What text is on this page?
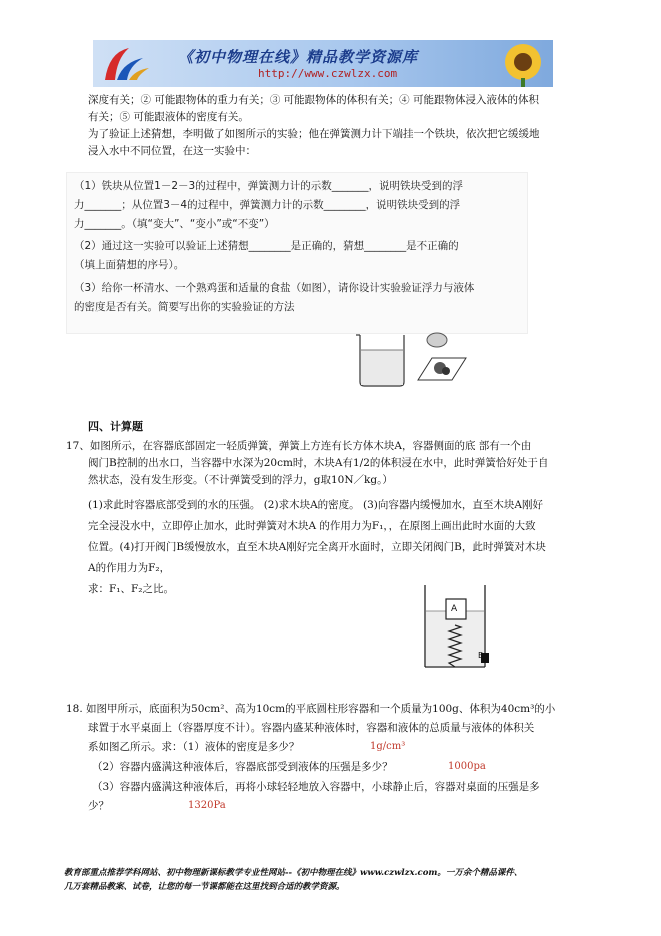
《初中物理在线》精品教学资源库
http://www.czwlzx.com
深度有关；② 可能跟物体的重力有关；③ 可能跟物体的体积有关；④ 可能跟物体浸入液体的体积
有关；⑤ 可能跟液体的密度有关。
为了验证上述猜想，李明做了如图所示的实验；他在弹簧测力计下端挂一个铁块，依次把它缓缓地
浸入水中不同位置，在这一实验中：
（1）铁块从位置1－2－3的过程中，弹簧测力计的示数_______，说明铁块受到的浮
力_______；从位置3－4的过程中，弹簧测力计的示数________，说明铁块受到的浮
力_______。（填“变大”、“变小”或“不变”）
（2）通过这一实验可以验证上述猜想________是正确的，猜想________是不正确的
（填上面猜想的序号）。
（3）给你一杯清水、一个熟鸡蛋和适量的食盐（如图），请你设计实验验证浮力与液体
的密度是否有关。简要写出你的实验验证的方法
四、计算题
17、如图所示，在容器底部固定一轻质弹簧，弹簧上方连有长方体木块A，容器侧面的底 部有一个由
阀门B控制的出水口，当容器中水深为20cm时，木块A有1/2的体积浸在水中，此时弹簧恰好处于自
然状态，没有发生形变。（不计弹簧受到的浮力，g取10N／kg。）
(1)求此时容器底部受到的水的压强。 (2)求木块A的密度。 (3)向容器内缓慢加水，直至木块A刚好
完全浸没水中，立即停止加水，此时弹簧对木块A 的作用力为F₁，，在原图上画出此时水面的大致
位置。(4)打开阀门B缓慢放水，直至木块A刚好完全离开水面时，立即关闭阀门B，此时弹簧对木块
A的作用力为F₂，
求：F₁、F₂之比。
A
B
18. 如图甲所示，底面积为50cm²、高为10cm的平底圆柱形容器和一个质量为100g、体积为40cm³的小
球置于水平桌面上（容器厚度不计）。容器内盛某种液体时，容器和液体的总质量与液体的体积关
系如图乙所示。求：（1）液体的密度是多少？	1g/cm³
（2）容器内盛满这种液体后，容器底部受到液体的压强是多少？	1000pa
（3）容器内盛满这种液体后，再将小球轻轻地放入容器中，小球静止后，容器对桌面的压强是多
少？	1320Pa
教育部重点推荐学科网站、初中物理新课标教学专业性网站--《初中物理在线》www.czwlzx.com。一万余个精品课件、
几万套精品教案、试卷，让您的每一节课都能在这里找到合适的教学资源。
